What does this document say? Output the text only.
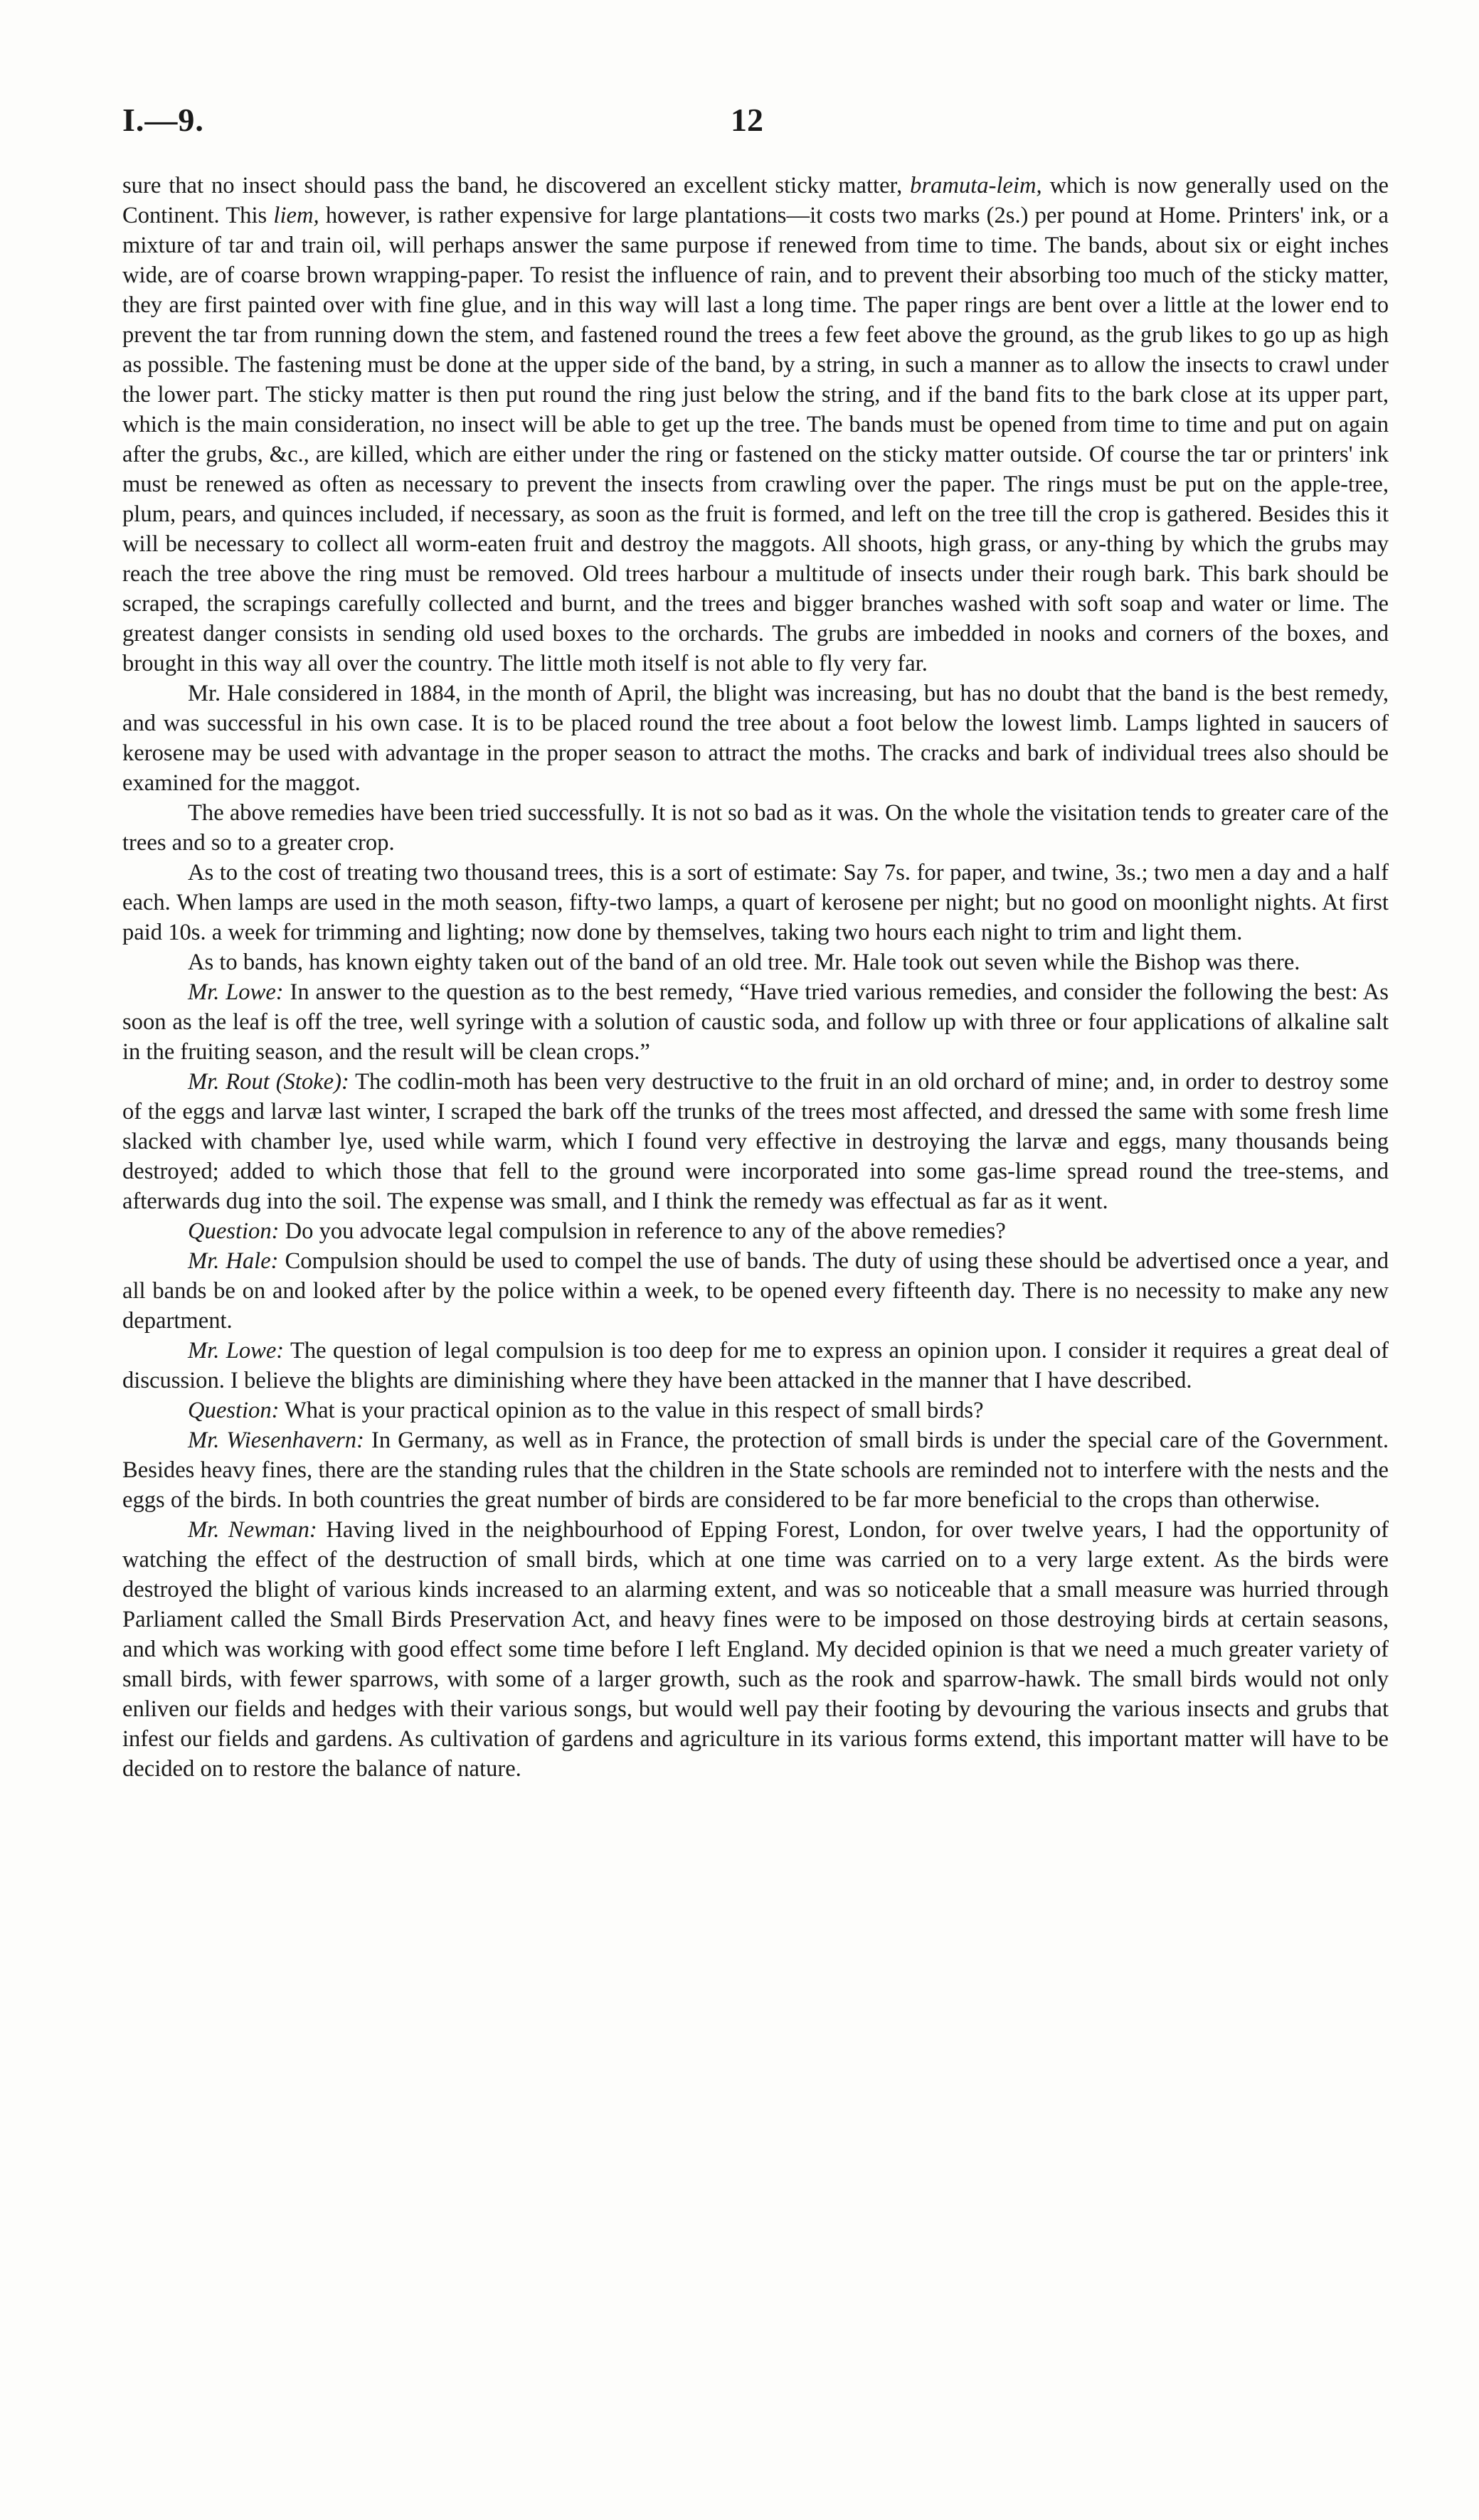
I.—9.	12

sure that no insect should pass the band, he discovered an excellent sticky matter, bramuta-leim, which is now generally used on the Continent. This liem, however, is rather expensive for large plantations—it costs two marks (2s.) per pound at Home. Printers' ink, or a mixture of tar and train oil, will perhaps answer the same purpose if renewed from time to time. The bands, about six or eight inches wide, are of coarse brown wrapping-paper. To resist the influence of rain, and to prevent their absorbing too much of the sticky matter, they are first painted over with fine glue, and in this way will last a long time. The paper rings are bent over a little at the lower end to prevent the tar from running down the stem, and fastened round the trees a few feet above the ground, as the grub likes to go up as high as possible. The fastening must be done at the upper side of the band, by a string, in such a manner as to allow the insects to crawl under the lower part. The sticky matter is then put round the ring just below the string, and if the band fits to the bark close at its upper part, which is the main consideration, no insect will be able to get up the tree. The bands must be opened from time to time and put on again after the grubs, &c., are killed, which are either under the ring or fastened on the sticky matter outside. Of course the tar or printers' ink must be renewed as often as necessary to prevent the insects from crawling over the paper. The rings must be put on the apple-tree, plum, pears, and quinces included, if necessary, as soon as the fruit is formed, and left on the tree till the crop is gathered. Besides this it will be necessary to collect all worm-eaten fruit and destroy the maggots. All shoots, high grass, or any-thing by which the grubs may reach the tree above the ring must be removed. Old trees harbour a multitude of insects under their rough bark. This bark should be scraped, the scrapings carefully collected and burnt, and the trees and bigger branches washed with soft soap and water or lime. The greatest danger consists in sending old used boxes to the orchards. The grubs are imbedded in nooks and corners of the boxes, and brought in this way all over the country. The little moth itself is not able to fly very far.

Mr. Hale considered in 1884, in the month of April, the blight was increasing, but has no doubt that the band is the best remedy, and was successful in his own case. It is to be placed round the tree about a foot below the lowest limb. Lamps lighted in saucers of kerosene may be used with advantage in the proper season to attract the moths. The cracks and bark of individual trees also should be examined for the maggot.

The above remedies have been tried successfully. It is not so bad as it was. On the whole the visitation tends to greater care of the trees and so to a greater crop.

As to the cost of treating two thousand trees, this is a sort of estimate: Say 7s. for paper, and twine, 3s.; two men a day and a half each. When lamps are used in the moth season, fifty-two lamps, a quart of kerosene per night; but no good on moonlight nights. At first paid 10s. a week for trimming and lighting; now done by themselves, taking two hours each night to trim and light them.

As to bands, has known eighty taken out of the band of an old tree. Mr. Hale took out seven while the Bishop was there.

Mr. Lowe: In answer to the question as to the best remedy, “Have tried various remedies, and consider the following the best: As soon as the leaf is off the tree, well syringe with a solution of caustic soda, and follow up with three or four applications of alkaline salt in the fruiting season, and the result will be clean crops.”

Mr. Rout (Stoke): The codlin-moth has been very destructive to the fruit in an old orchard of mine; and, in order to destroy some of the eggs and larvæ last winter, I scraped the bark off the trunks of the trees most affected, and dressed the same with some fresh lime slacked with chamber lye, used while warm, which I found very effective in destroying the larvæ and eggs, many thousands being destroyed; added to which those that fell to the ground were incorporated into some gas-lime spread round the tree-stems, and afterwards dug into the soil. The expense was small, and I think the remedy was effectual as far as it went.

Question: Do you advocate legal compulsion in reference to any of the above remedies?

Mr. Hale: Compulsion should be used to compel the use of bands. The duty of using these should be advertised once a year, and all bands be on and looked after by the police within a week, to be opened every fifteenth day. There is no necessity to make any new department.

Mr. Lowe: The question of legal compulsion is too deep for me to express an opinion upon. I consider it requires a great deal of discussion. I believe the blights are diminishing where they have been attacked in the manner that I have described.

Question: What is your practical opinion as to the value in this respect of small birds?

Mr. Wiesenhavern: In Germany, as well as in France, the protection of small birds is under the special care of the Government. Besides heavy fines, there are the standing rules that the children in the State schools are reminded not to interfere with the nests and the eggs of the birds. In both countries the great number of birds are considered to be far more beneficial to the crops than otherwise.

Mr. Newman: Having lived in the neighbourhood of Epping Forest, London, for over twelve years, I had the opportunity of watching the effect of the destruction of small birds, which at one time was carried on to a very large extent. As the birds were destroyed the blight of various kinds increased to an alarming extent, and was so noticeable that a small measure was hurried through Parliament called the Small Birds Preservation Act, and heavy fines were to be imposed on those destroying birds at certain seasons, and which was working with good effect some time before I left England. My decided opinion is that we need a much greater variety of small birds, with fewer sparrows, with some of a larger growth, such as the rook and sparrow-hawk. The small birds would not only enliven our fields and hedges with their various songs, but would well pay their footing by devouring the various insects and grubs that infest our fields and gardens. As cultivation of gardens and agriculture in its various forms extend, this important matter will have to be decided on to restore the balance of nature.
